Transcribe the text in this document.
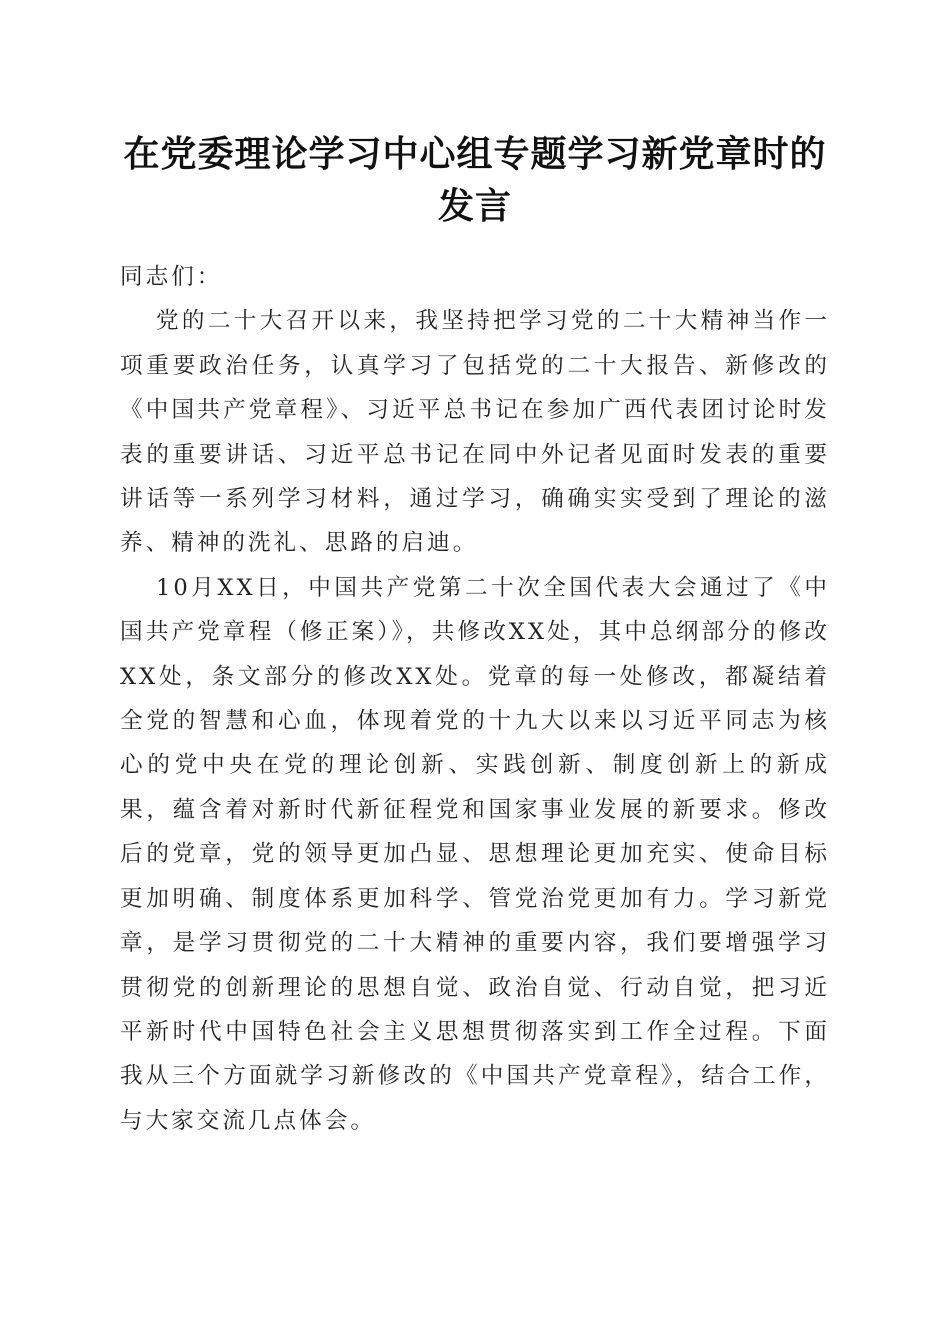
在党委理论学习中心组专题学习新党章时的发言

同志们：

党的二十大召开以来，我坚持把学习党的二十大精神当作一项重要政治任务，认真学习了包括党的二十大报告、新修改的《中国共产党章程》、习近平总书记在参加广西代表团讨论时发表的重要讲话、习近平总书记在同中外记者见面时发表的重要讲话等一系列学习材料，通过学习，确确实实受到了理论的滋养、精神的洗礼、思路的启迪。

10月XX日，中国共产党第二十次全国代表大会通过了《中国共产党章程（修正案）》，共修改XX处，其中总纲部分的修改XX处，条文部分的修改XX处。党章的每一处修改，都凝结着全党的智慧和心血，体现着党的十九大以来以习近平同志为核心的党中央在党的理论创新、实践创新、制度创新上的新成果，蕴含着对新时代新征程党和国家事业发展的新要求。修改后的党章，党的领导更加凸显、思想理论更加充实、使命目标更加明确、制度体系更加科学、管党治党更加有力。学习新党章，是学习贯彻党的二十大精神的重要内容，我们要增强学习贯彻党的创新理论的思想自觉、政治自觉、行动自觉，把习近平新时代中国特色社会主义思想贯彻落实到工作全过程。下面我从三个方面就学习新修改的《中国共产党章程》，结合工作，与大家交流几点体会。
